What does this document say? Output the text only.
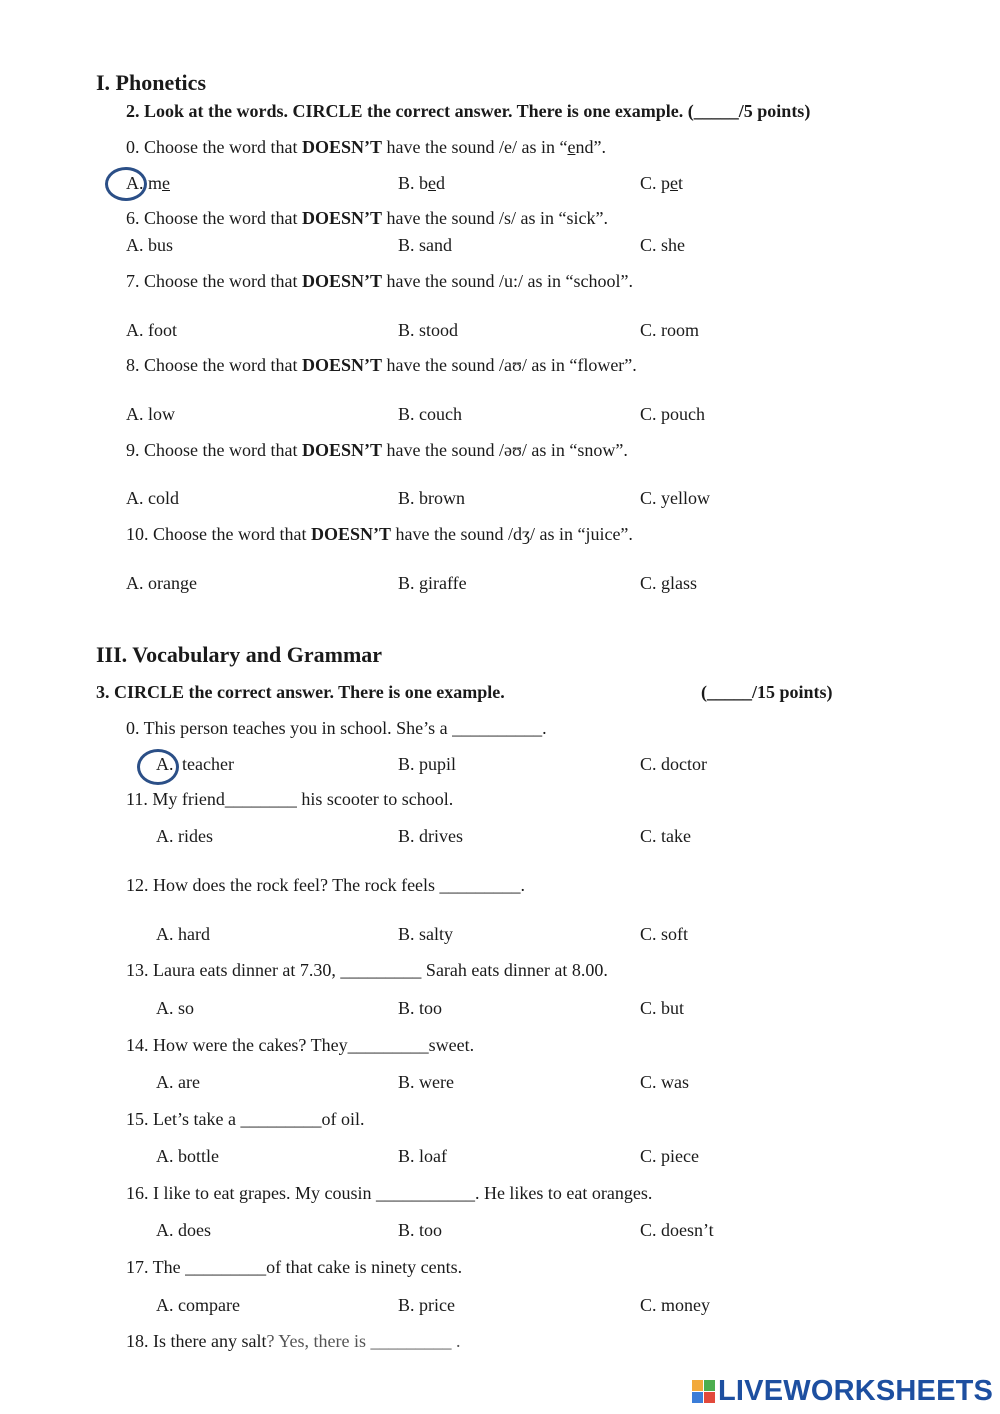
I. Phonetics
2. Look at the words. CIRCLE the correct answer. There is one example. (_____/5 points)
0. Choose the word that DOESN’T have the sound /e/ as in “end”.
A. me	B. bed	C. pet
6. Choose the word that DOESN’T have the sound /s/ as in “sick”.
A. bus	B. sand	C. she
7. Choose the word that DOESN’T have the sound /u:/ as in “school”.
A. foot	B. stood	C. room
8. Choose the word that DOESN’T have the sound /aʊ/ as in “flower”.
A. low	B. couch	C. pouch
9. Choose the word that DOESN’T have the sound /əʊ/ as in “snow”.
A. cold	B. brown	C. yellow
10. Choose the word that DOESN’T have the sound /dʒ/ as in “juice”.
A. orange	B. giraffe	C. glass
III. Vocabulary and Grammar
3. CIRCLE the correct answer. There is one example.	(_____/15 points)
0. This person teaches you in school. She’s a __________.
A. teacher	B. pupil	C. doctor
11. My friend________ his scooter to school.
A. rides	B. drives	C. take
12. How does the rock feel? The rock feels _________.
A. hard	B. salty	C. soft
13. Laura eats dinner at 7.30, _________ Sarah eats dinner at 8.00.
A. so	B. too	C. but
14. How were the cakes? They_________sweet.
A. are	B. were	C. was
15. Let’s take a _________of oil.
A. bottle	B. loaf	C. piece
16. I like to eat grapes. My cousin ___________. He likes to eat oranges.
A. does	B. too	C. doesn’t
17. The _________of that cake is ninety cents.
A. compare	B. price	C. money
18. Is there any salt? Yes, there is _________ .
LIVEWORKSHEETS
